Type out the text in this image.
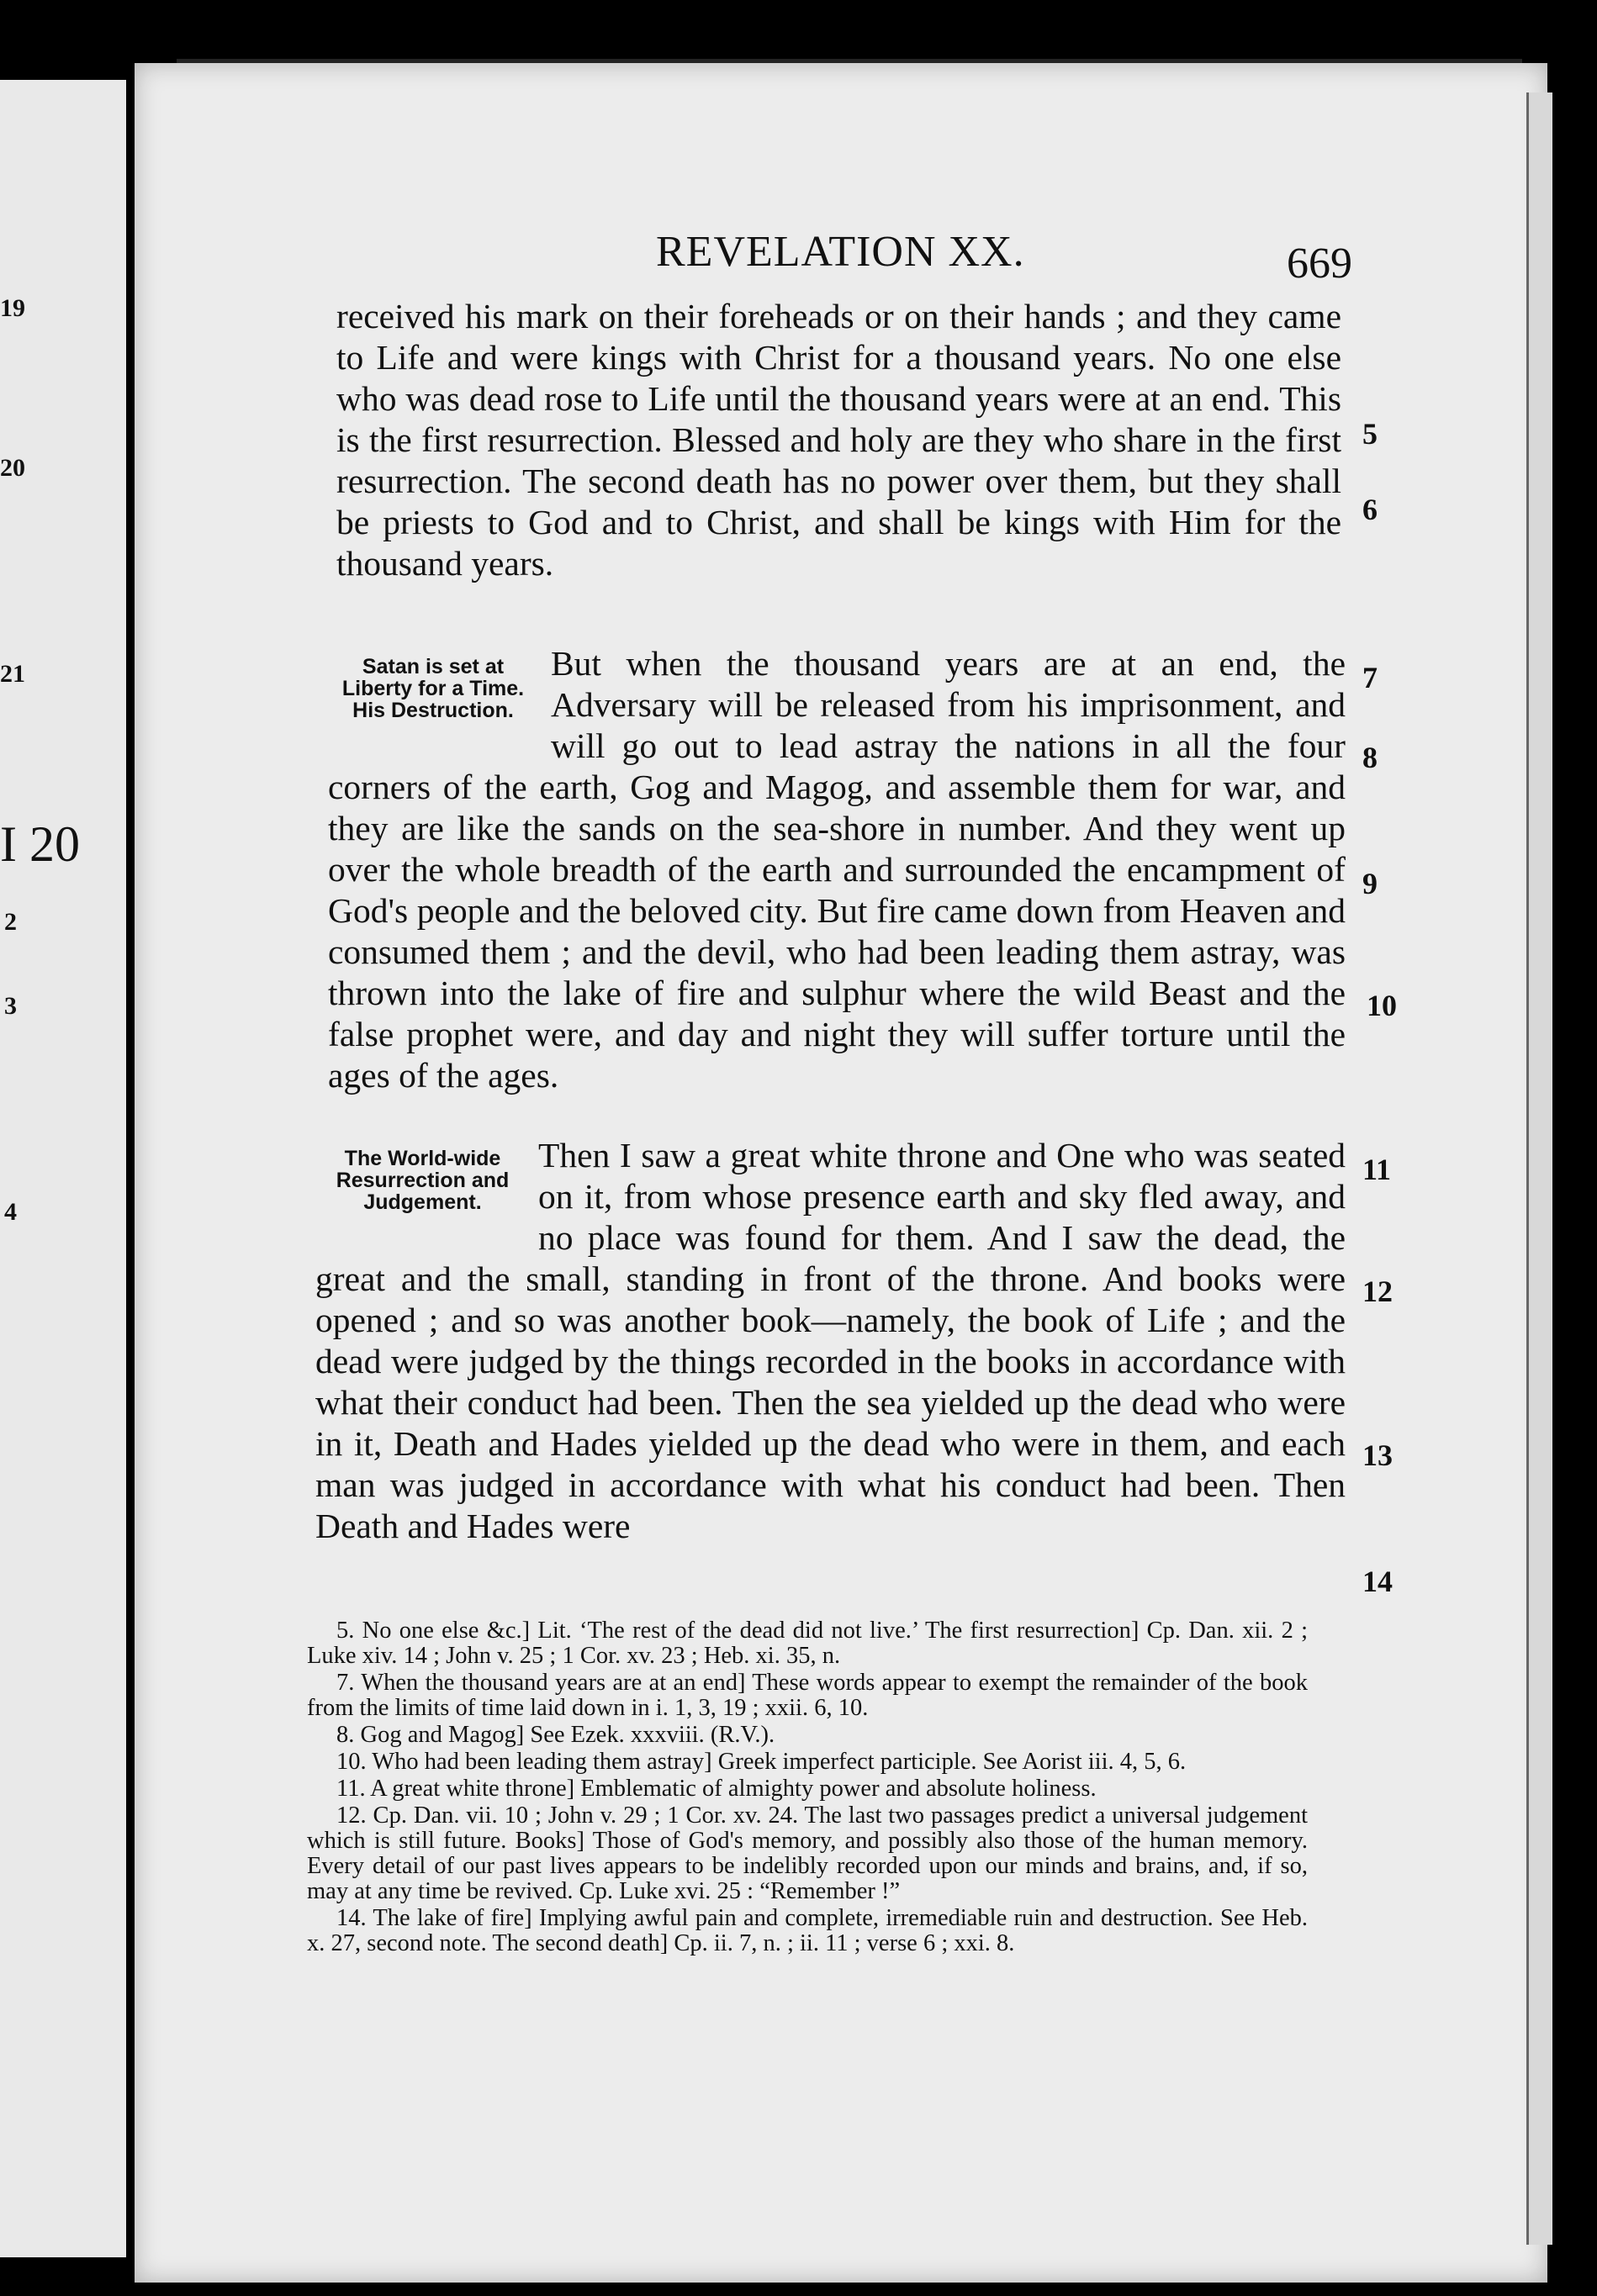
19
20
21
I 20
2
3
4
REVELATION XX.	669
received his mark on their foreheads or on their hands ; and they came to Life and were kings with Christ for a thousand years. No one else who was dead rose to Life until the thousand years were at an end. This is the first resurrection. Blessed and holy are they who share in the first resurrection. The second death has no power over them, but they shall be priests to God and to Christ, and shall be kings with Him for the thousand years.
Satan is set at Liberty for a Time. His Destruction.
But when the thousand years are at an end, the Adversary will be released from his imprisonment, and will go out to lead astray the nations in all the four corners of the earth, Gog and Magog, and assemble them for war, and they are like the sands on the sea-shore in number. And they went up over the whole breadth of the earth and surrounded the encampment of God's people and the beloved city. But fire came down from Heaven and consumed them ; and the devil, who had been leading them astray, was thrown into the lake of fire and sulphur where the wild Beast and the false prophet were, and day and night they will suffer torture until the ages of the ages.
The World-wide Resurrection and Judgement.
Then I saw a great white throne and One who was seated on it, from whose presence earth and sky fled away, and no place was found for them. And I saw the dead, the great and the small, standing in front of the throne. And books were opened ; and so was another book—namely, the book of Life ; and the dead were judged by the things recorded in the books in accordance with what their conduct had been. Then the sea yielded up the dead who were in it, Death and Hades yielded up the dead who were in them, and each man was judged in accordance with what his conduct had been. Then Death and Hades were
5
6
7
8
9
10
11
12
13
14

5. No one else &c.] Lit. ‘The rest of the dead did not live.’ The first resurrection] Cp. Dan. xii. 2 ; Luke xiv. 14 ; John v. 25 ; 1 Cor. xv. 23 ; Heb. xi. 35, n.

7. When the thousand years are at an end] These words appear to exempt the remainder of the book from the limits of time laid down in i. 1, 3, 19 ; xxii. 6, 10.

8. Gog and Magog] See Ezek. xxxviii. (R.V.).

10. Who had been leading them astray] Greek imperfect participle. See Aorist iii. 4, 5, 6.

11. A great white throne] Emblematic of almighty power and absolute holiness.

12. Cp. Dan. vii. 10 ; John v. 29 ; 1 Cor. xv. 24. The last two passages predict a universal judgement which is still future. Books] Those of God's memory, and possibly also those of the human memory. Every detail of our past lives appears to be indelibly recorded upon our minds and brains, and, if so, may at any time be revived. Cp. Luke xvi. 25 : “Remember !”

14. The lake of fire] Implying awful pain and complete, irremediable ruin and destruction. See Heb. x. 27, second note. The second death] Cp. ii. 7, n. ; ii. 11 ; verse 6 ; xxi. 8.
